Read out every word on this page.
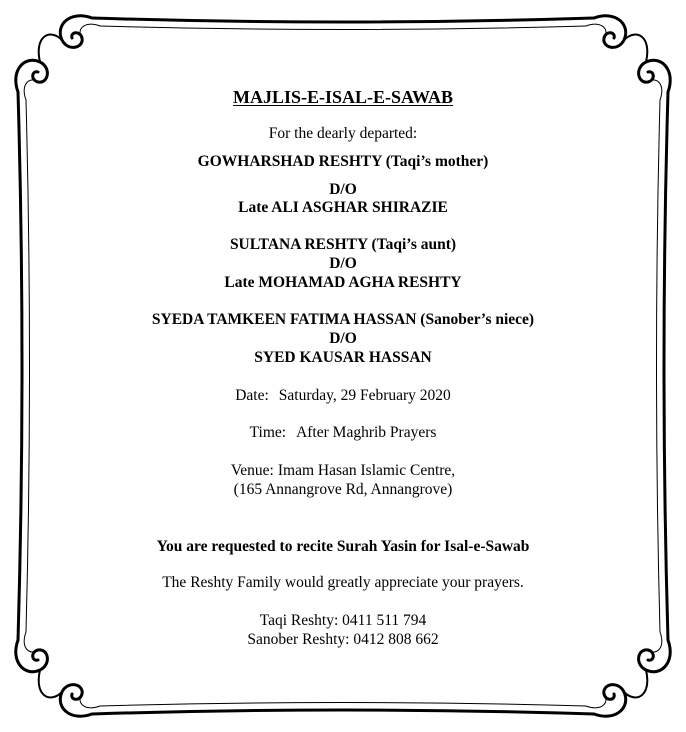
MAJLIS-E-ISAL-E-SAWAB
For the dearly departed:
GOWHARSHAD RESHTY (Taqi’s mother)
D/O
Late ALI ASGHAR SHIRAZIE
SULTANA RESHTY (Taqi’s aunt)
D/O
Late MOHAMAD AGHA RESHTY
SYEDA TAMKEEN FATIMA HASSAN (Sanober’s niece)
D/O
SYED KAUSAR HASSAN
Date: Saturday, 29 February 2020
Time: After Maghrib Prayers
Venue: Imam Hasan Islamic Centre,
(165 Annangrove Rd, Annangrove)
You are requested to recite Surah Yasin for Isal-e-Sawab
The Reshty Family would greatly appreciate your prayers.
Taqi Reshty: 0411 511 794
Sanober Reshty: 0412 808 662
